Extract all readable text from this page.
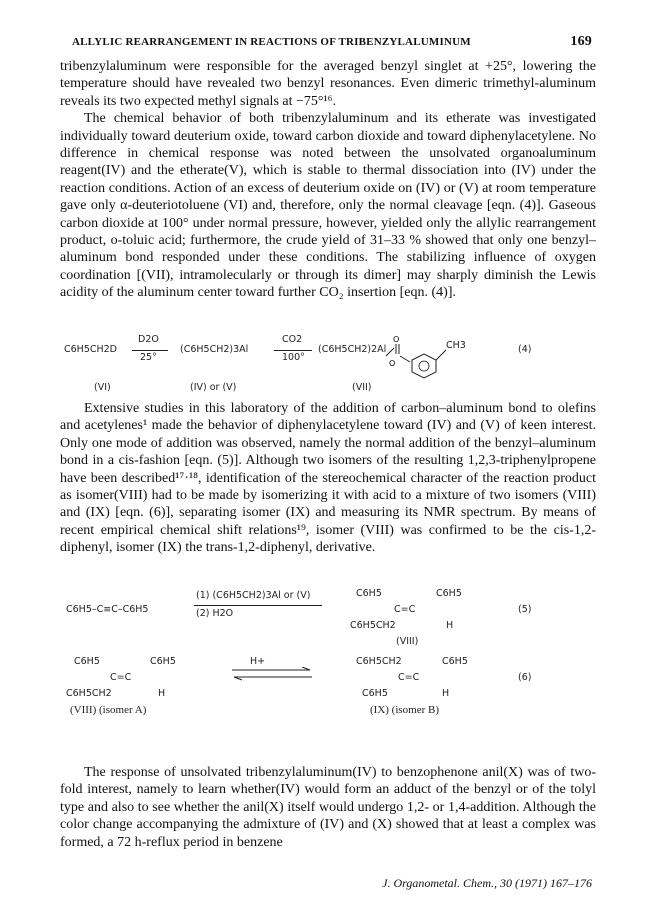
ALLYLIC REARRANGEMENT IN REACTIONS OF TRIBENZYLALUMINUM	169

tribenzylaluminum were responsible for the averaged benzyl singlet at +25°, lowering the temperature should have revealed two benzyl resonances. Even dimeric trimethyl-aluminum reveals its two expected methyl signals at −75°¹⁶.

The chemical behavior of both tribenzylaluminum and its etherate was investigated individually toward deuterium oxide, toward carbon dioxide and toward diphenylacetylene. No difference in chemical response was noted between the unsolvated organoaluminum reagent(IV) and the etherate(V), which is stable to thermal dissociation into (IV) under the reaction conditions. Action of an excess of deuterium oxide on (IV) or (V) at room temperature gave only α-deuteriotoluene (VI) and, therefore, only the normal cleavage [eqn. (4)]. Gaseous carbon dioxide at 100° under normal pressure, however, yielded only the allylic rearrangement product, o-toluic acid; furthermore, the crude yield of 31–33 % showed that only one benzyl–aluminum bond responded under these conditions. The stabilizing influence of oxygen coordination [(VII), intramolecularly or through its dimer] may sharply diminish the Lewis acidity of the aluminum center toward further CO₂ insertion [eqn. (4)].

C6H5CH2D
D2O
25°
(C6H5CH2)3Al
CO2
100°
(C6H5CH2)2Al	CH3
O
O
(4)
(VI)	(IV) or (V)	(VII)

Extensive studies in this laboratory of the addition of carbon–aluminum bond to olefins and acetylenes¹ made the behavior of diphenylacetylene toward (IV) and (V) of keen interest. Only one mode of addition was observed, namely the normal addition of the benzyl–aluminum bond in a cis-fashion [eqn. (5)]. Although two isomers of the resulting 1,2,3-triphenylpropene have been described¹⁷·¹⁸, identification of the stereochemical character of the reaction product as isomer(VIII) had to be made by isomerizing it with acid to a mixture of two isomers (VIII) and (IX) [eqn. (6)], separating isomer (IX) and measuring its NMR spectrum. By means of recent empirical chemical shift relations¹⁹, isomer (VIII) was confirmed to be the cis-1,2-diphenyl, isomer (IX) the trans-1,2-diphenyl, derivative.

C6H5–C≡C–C6H5
(1) (C6H5CH2)3Al or (V)
(2) H2O
C6H5	C6H5
C=C
C6H5CH2	H
(VIII)
(5)
C6H5	C6H5
C=C
C6H5CH2	H
H+	C6H5CH2	C6H5
C=C
C6H5	H
(6)
(VIII) (isomer A)	(IX) (isomer B)

The response of unsolvated tribenzylaluminum(IV) to benzophenone anil(X) was of two-fold interest, namely to learn whether(IV) would form an adduct of the benzyl or of the tolyl type and also to see whether the anil(X) itself would undergo 1,2- or 1,4-addition. Although the color change accompanying the admixture of (IV) and (X) showed that at least a complex was formed, a 72 h-reflux period in benzene

J. Organometal. Chem., 30 (1971) 167–176
